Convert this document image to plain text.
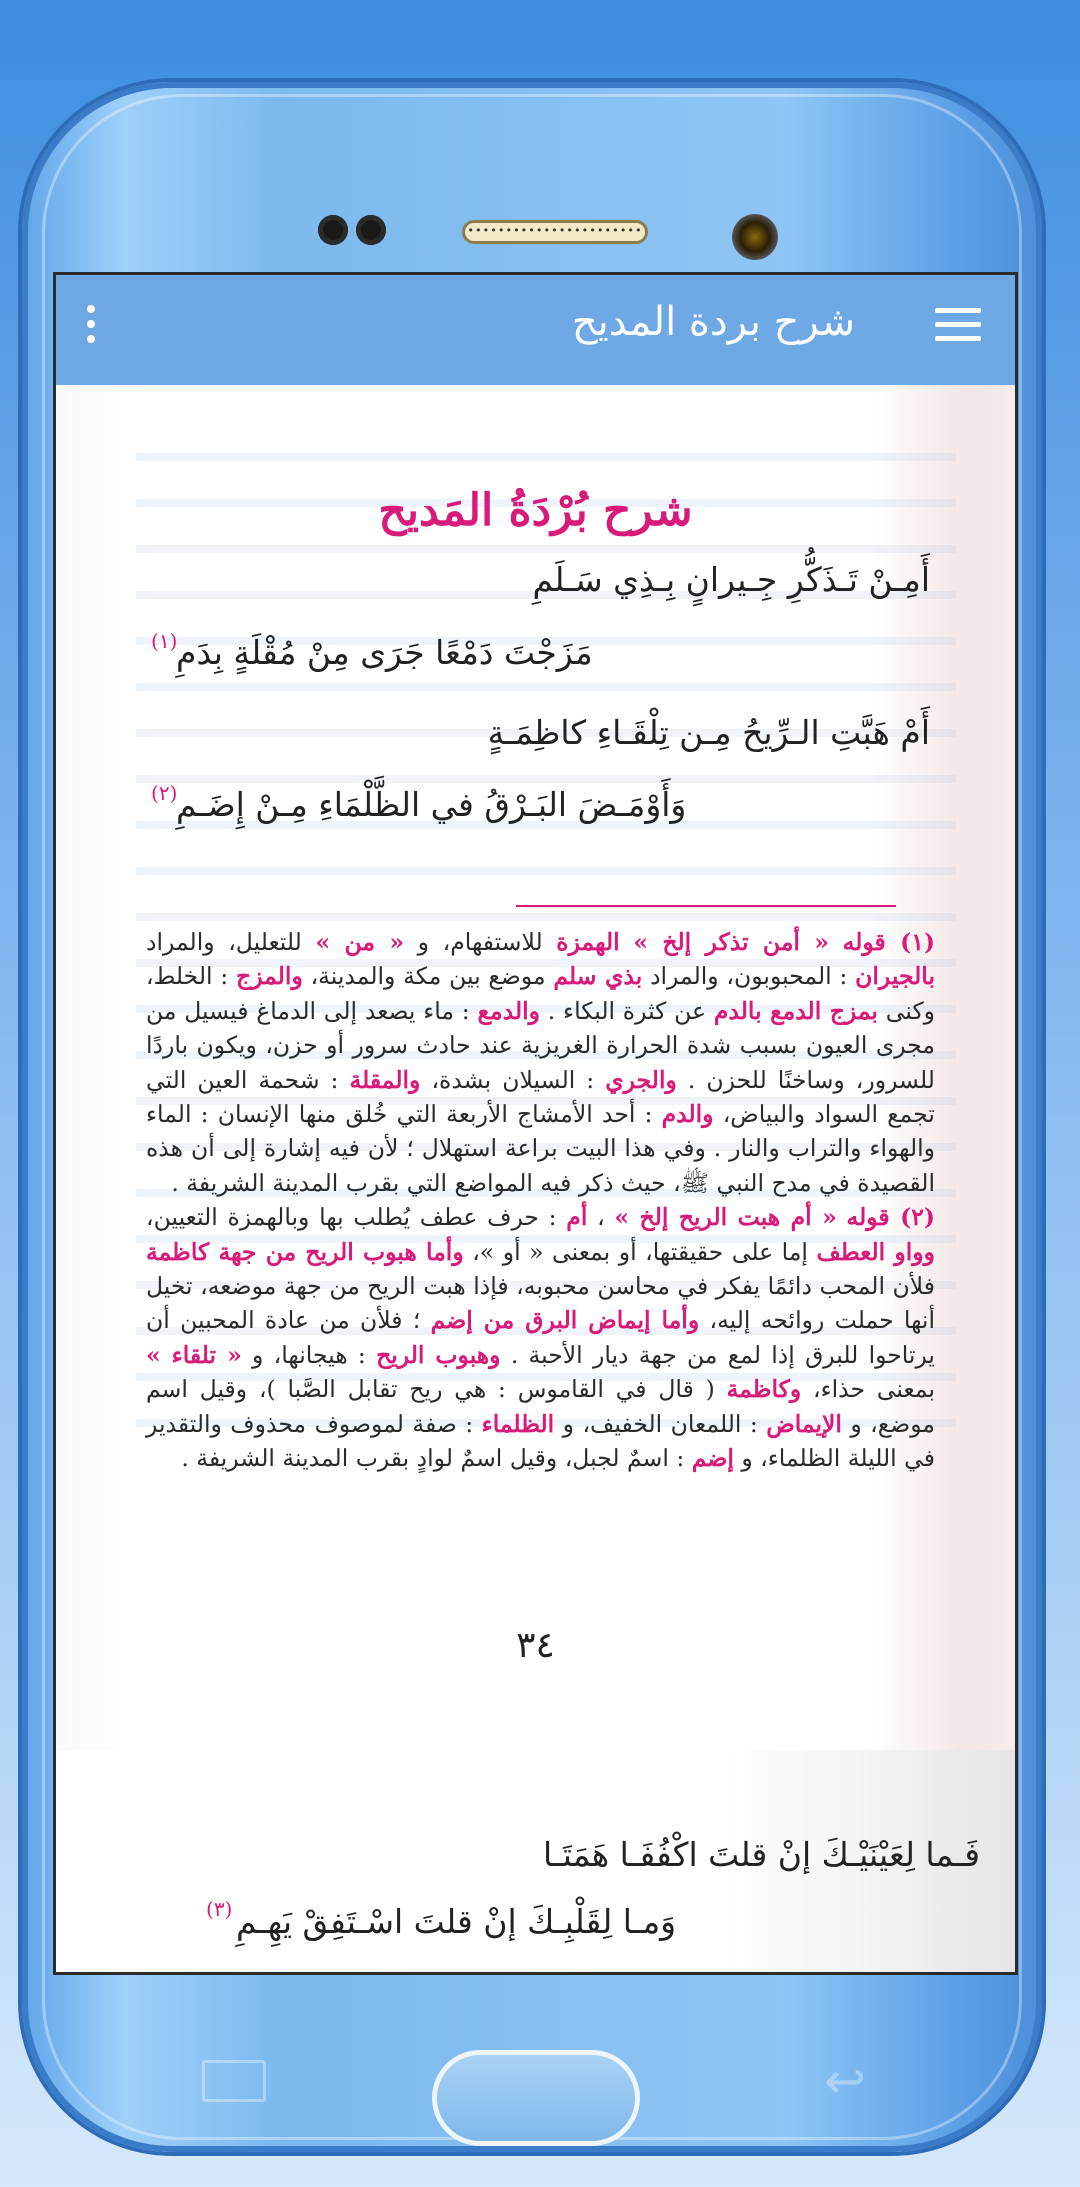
•••••••••••••••••••••••
↩
شرح بردة المديح
شرح بُرْدَةُ المَديح
أَمِـنْ تَـذَكُّرِ جِـيرانٍ بِـذِي سَـلَمِ
مَزَجْتَ دَمْعًا جَرَى مِنْ مُقْلَةٍ بِدَمِ
(١)
أَمْ هَبَّتِ الـرِّيحُ مِـن تِلْقَـاءِ كاظِمَـةٍ
وَأَوْمَـضَ البَـرْقُ في الظَّلْمَاءِ مِـنْ إِضَـمِ
(٢)

(١) قوله « أمن تذكر إلخ » الهمزة للاستفهام، و « من » للتعليل، والمراد بالجيران : المحبوبون، والمراد بذي سلم موضع بين مكة والمدينة، والمزج : الخلط، وكنى بمزج الدمع بالدم عن كثرة البكاء . والدمع : ماء يصعد إلى الدماغ فيسيل من مجرى العيون بسبب شدة الحرارة الغريزية عند حادث سرور أو حزن، ويكون باردًا للسرور، وساخنًا للحزن . والجري : السيلان بشدة، والمقلة : شحمة العين التي تجمع السواد والبياض، والدم : أحد الأمشاج الأربعة التي خُلق منها الإنسان : الماء والهواء والتراب والنار . وفي هذا البيت براعة استهلال ؛ لأن فيه إشارة إلى أن هذه القصيدة في مدح النبي ﷺ، حيث ذكر فيه المواضع التي بقرب المدينة الشريفة .

(٢) قوله « أم هبت الريح إلخ » ، أم : حرف عطف يُطلب بها وبالهمزة التعيين، وواو العطف إما على حقيقتها، أو بمعنى « أو »، وأما هبوب الريح من جهة كاظمة فلأن المحب دائمًا يفكر في محاسن محبوبه، فإذا هبت الريح من جهة موضعه، تخيل أنها حملت روائحه إليه، وأما إيماض البرق من إضم ؛ فلأن من عادة المحبين أن يرتاحوا للبرق إذا لمع من جهة ديار الأحبة . وهبوب الريح : هيجانها، و « تلقاء » بمعنى حذاء، وكاظمة ( قال في القاموس : هي ريح تقابل الصَّبا )، وقيل اسم موضع، و الإيماض : اللمعان الخفيف، و الظلماء : صفة لموصوف محذوف والتقدير في الليلة الظلماء، و إضم : اسمٌ لجبل، وقيل اسمٌ لوادٍ بقرب المدينة الشريفة .

٣٤
فَـما لِعَيْنَيْـكَ إنْ قلتَ اكْفُفَـا هَمَتَـا
وَمـا لِقَلْبِـكَ إنْ قلتَ اسْـتَفِقْ يَهِـمِ
(٣)
